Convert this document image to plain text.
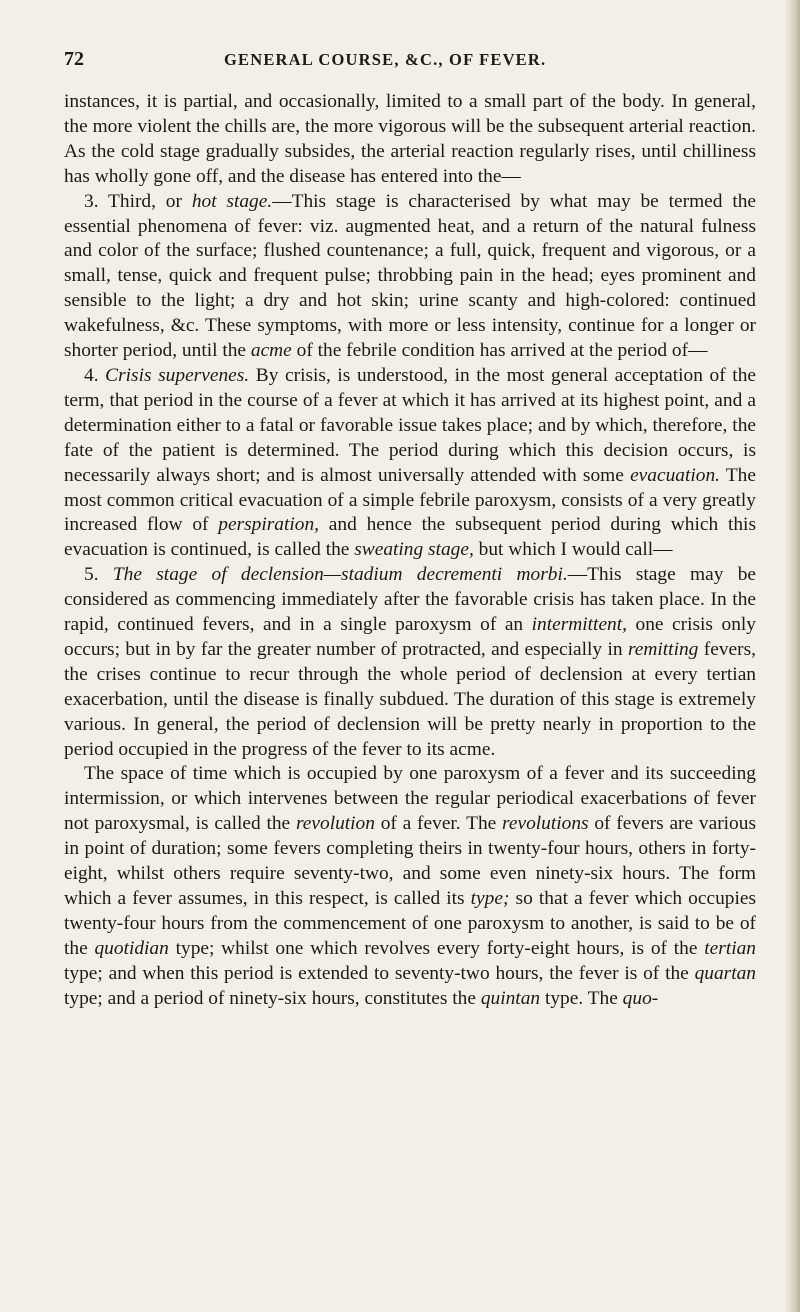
72	GENERAL COURSE, &C., OF FEVER.

instances, it is partial, and occasionally, limited to a small part of the body. In general, the more violent the chills are, the more vigorous will be the subsequent arterial reaction. As the cold stage gradually subsides, the arterial reaction regularly rises, until chilliness has wholly gone off, and the disease has entered into the—

3. Third, or hot stage.—This stage is characterised by what may be termed the essential phenomena of fever: viz. augmented heat, and a return of the natural fulness and color of the surface; flushed countenance; a full, quick, frequent and vigorous, or a small, tense, quick and frequent pulse; throbbing pain in the head; eyes prominent and sensible to the light; a dry and hot skin; urine scanty and high-colored: continued wakefulness, &c. These symptoms, with more or less intensity, continue for a longer or shorter period, until the acme of the febrile condition has arrived at the period of—

4. Crisis supervenes. By crisis, is understood, in the most general acceptation of the term, that period in the course of a fever at which it has arrived at its highest point, and a determination either to a fatal or favorable issue takes place; and by which, therefore, the fate of the patient is determined. The period during which this decision occurs, is necessarily always short; and is almost universally attended with some evacuation. The most common critical evacuation of a simple febrile paroxysm, consists of a very greatly increased flow of perspiration, and hence the subsequent period during which this evacuation is continued, is called the sweating stage, but which I would call—

5. The stage of declension—stadium decrementi morbi.—This stage may be considered as commencing immediately after the favorable crisis has taken place. In the rapid, continued fevers, and in a single paroxysm of an intermittent, one crisis only occurs; but in by far the greater number of protracted, and especially in remitting fevers, the crises continue to recur through the whole period of declension at every tertian exacerbation, until the disease is finally subdued. The duration of this stage is extremely various. In general, the period of declension will be pretty nearly in proportion to the period occupied in the progress of the fever to its acme.

The space of time which is occupied by one paroxysm of a fever and its succeeding intermission, or which intervenes between the regular periodical exacerbations of fever not paroxysmal, is called the revolution of a fever. The revolutions of fevers are various in point of duration; some fevers completing theirs in twenty-four hours, others in forty-eight, whilst others require seventy-two, and some even ninety-six hours. The form which a fever assumes, in this respect, is called its type; so that a fever which occupies twenty-four hours from the commencement of one paroxysm to another, is said to be of the quotidian type; whilst one which revolves every forty-eight hours, is of the tertian type; and when this period is extended to seventy-two hours, the fever is of the quartan type; and a period of ninety-six hours, constitutes the quintan type. The quo-
